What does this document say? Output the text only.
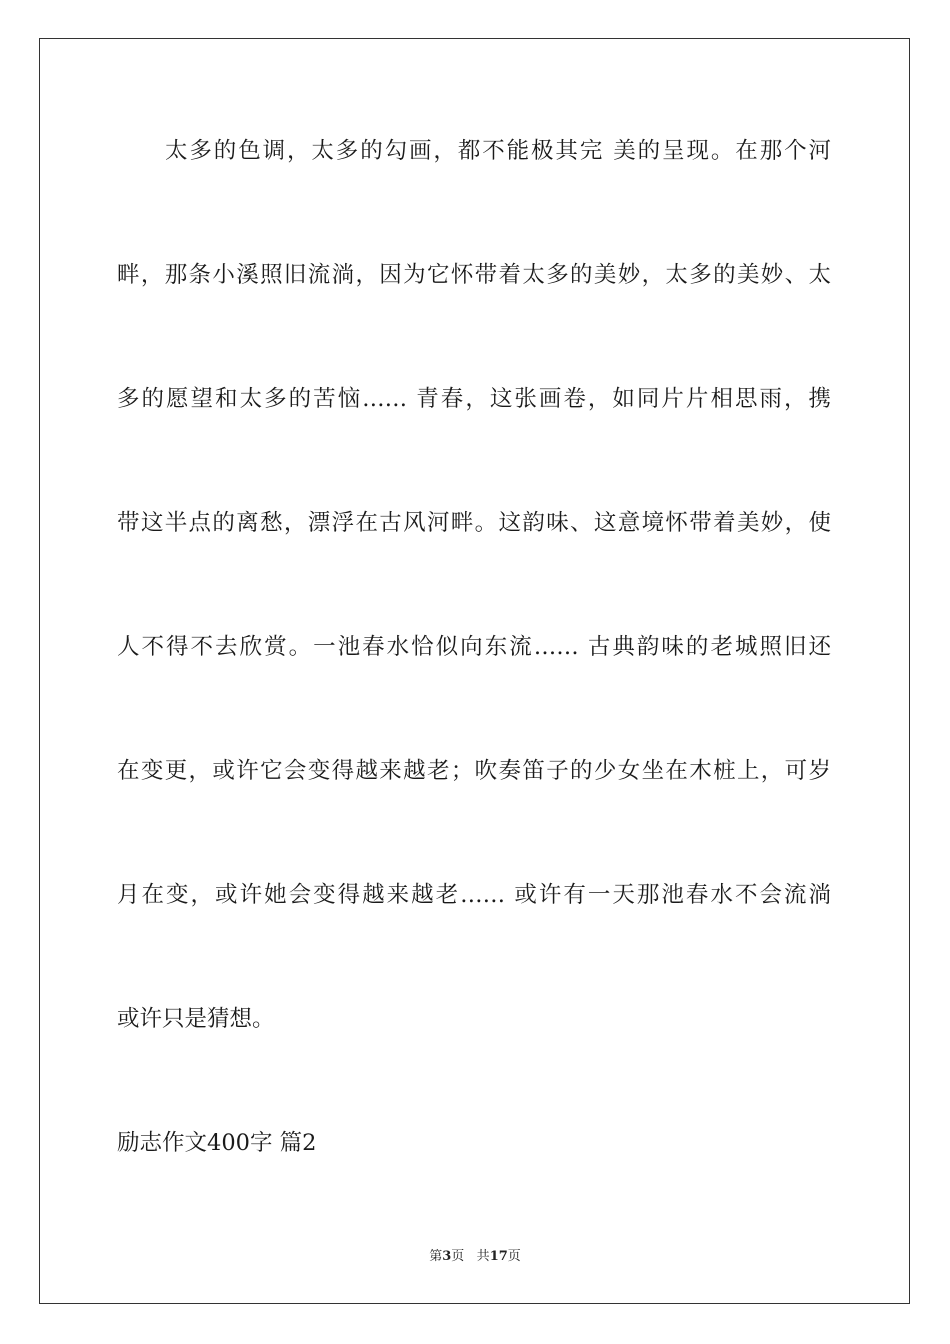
太多的色调，太多的勾画，都不能极其完 美的呈现。在那个河
畔，那条小溪照旧流淌，因为它怀带着太多的美妙，太多的美妙、太
多的愿望和太多的苦恼…… 青春，这张画卷，如同片片相思雨，携
带这半点的离愁，漂浮在古风河畔。这韵味、这意境怀带着美妙，使
人不得不去欣赏。一池春水恰似向东流…… 古典韵味的老城照旧还
在变更，或许它会变得越来越老；吹奏笛子的少女坐在木桩上，可岁
月在变，或许她会变得越来越老…… 或许有一天那池春水不会流淌
或许只是猜想。
励志作文400字 篇2
第3页 共17页
